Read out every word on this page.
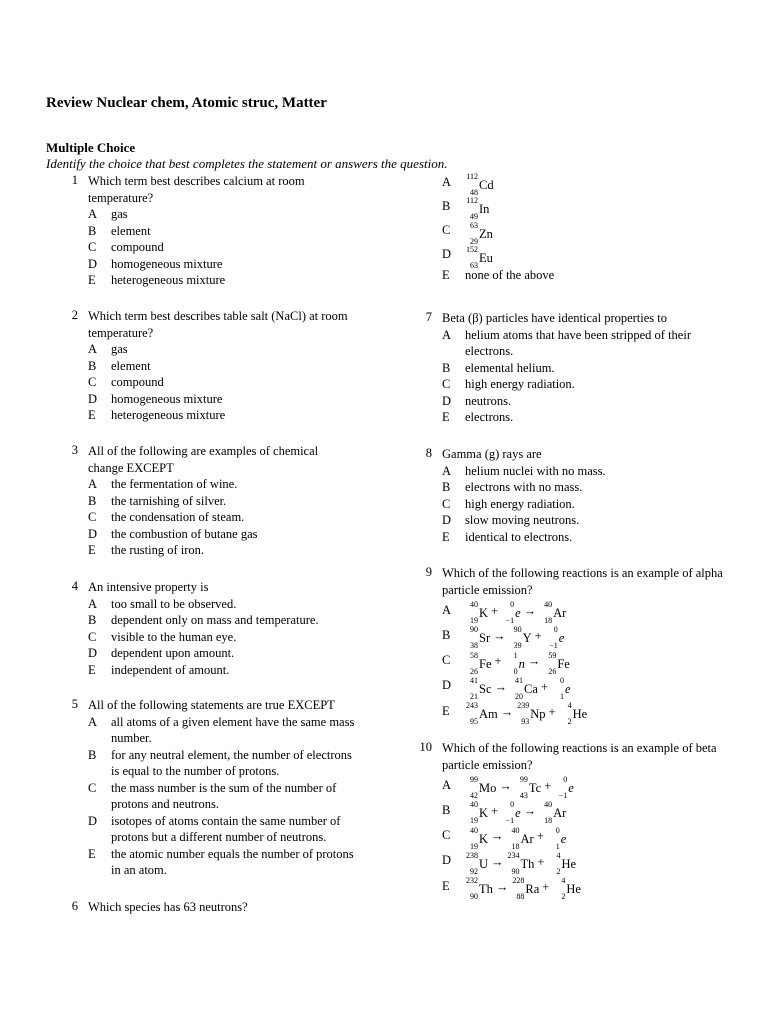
Review Nuclear chem, Atomic struc, Matter
Multiple Choice
Identify the choice that best completes the statement or answers the question.
1 Which term best describes calcium at room temperature?
A	gas
B	element
C	compound
D	homogeneous mixture
E	heterogeneous mixture
2 Which term best describes table salt (NaCl) at room temperature?
A	gas
B	element
C	compound
D	homogeneous mixture
E	heterogeneous mixture
3 All of the following are examples of chemical change EXCEPT
A	the fermentation of wine.
B	the tarnishing of silver.
C	the condensation of steam.
D	the combustion of butane gas
E	the rusting of iron.
4 An intensive property is
A	too small to be observed.
B	dependent only on mass and temperature.
C	visible to the human eye.
D	dependent upon amount.
E	independent of amount.
5 All of the following statements are true EXCEPT
A	all atoms of a given element have the same mass number.
B	for any neutral element, the number of electrons is equal to the number of protons.
C	the mass number is the sum of the number of protons and neutrons.
D	isotopes of atoms contain the same number of protons but a different number of neutrons.
E	the atomic number equals the number of protons in an atom.
A	112
48
Cd
B	112
49
In
C	63
29
Zn
D	152
63
Eu
E	none of the above
6 Which species has 63 neutrons?
7 Beta (β) particles have identical properties to
A	helium atoms that have been stripped of their electrons.
B	elemental helium.
C	high energy radiation.
D	neutrons.
E	electrons.
8 Gamma (g) rays are
A	helium nuclei with no mass.
B	electrons with no mass.
C	high energy radiation.
D	slow moving neutrons.
E	identical to electrons.
9 Which of the following reactions is an example of alpha particle emission?
A	40
19
K + 0
−1
e → 40
18
Ar
B	90
38
Sr → 90
39
Y + 0
−1
e
C	58
26
Fe + 1
0
n → 59
26
Fe
D	41
21
Sc → 41
20
Ca + 0
1
e
E	243
95
Am → 239
93
Np + 4
2
He
10 Which of the following reactions is an example of beta particle emission?
A	99
42
Mo → 99
43
Tc + 0
−1
e
B	40
19
K + 0
−1
e → 40
18
Ar
C	40
19
K → 40
18
Ar + 0
1
e
D	238
92
U → 234
90
Th + 4
2
He
E	232
90
Th → 228
88
Ra + 4
2
He
